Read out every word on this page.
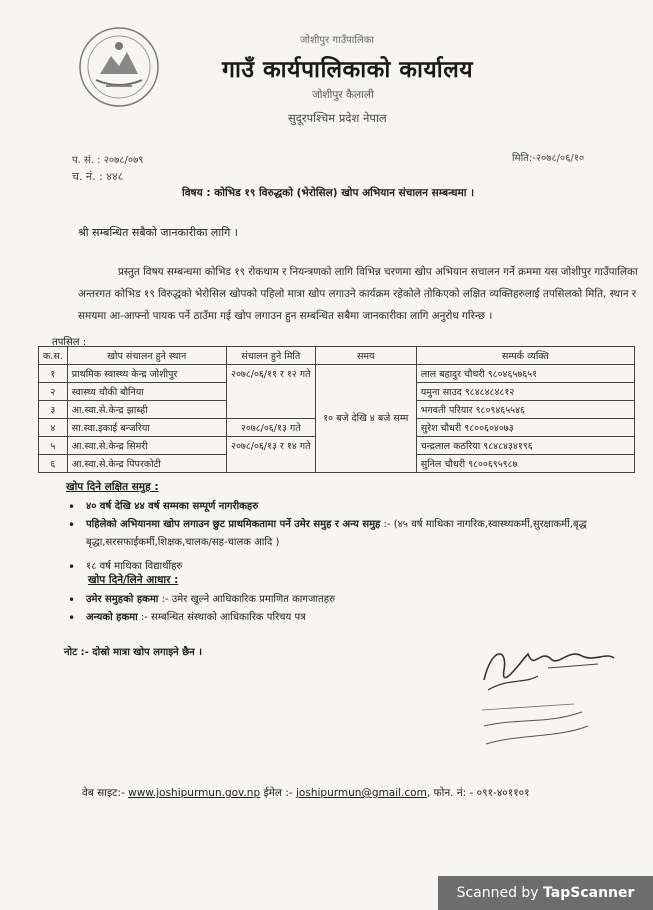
जोशीपुर गाउँपालिका
गाउँ कार्यपालिकाको कार्यालय
जोशीपुर कैलाली
सुदूरपश्चिम प्रदेश नेपाल
प. सं. : २०७८/०७९
च. नं. : ४४८
मिति:-२०७८/०६/१०
विषय : कोभिड १९ विरुद्धको (भेरोसिल) खोप अभियान संचालन सम्बन्धमा ।
श्री सम्बन्धित सबैको जानकारीका लागि ।
प्रस्तुत विषय सम्बन्धमा कोभिड १९ रोकथाम र नियन्त्रणको लागि विभिन्न चरणमा खोप अभियान सचालन गर्ने क्रममा यस जोशीपुर गाउँपालिका अन्तरगत कोभिड १९ विरुद्धको भेरोसिल खोपको पहिलो मात्रा खोप लगाउने कार्यक्रम रहेकोले तोकिएको लक्षित व्यक्तिहरुलाई तपसिलको मिति, स्थान र समयमा आ-आफ्नो पायक पर्ने ठाउँमा गई खोप लगाउन हुन सम्बन्धित सबैमा जानकारीका लागि अनुरोध गरिन्छ ।
तपसिल :
क.स.	खोप संचालन हुने स्थान	संचालन हुने मिति	समय	सम्पर्क व्यक्ति
१	प्राथमिक स्वास्थ्य केन्द्र जोशीपुर	२०७८/०६/११ र १२ गते	१० बजे देखि ४ बजे सम्म	लाल बहादुर चौधरी ९८०४६५७६५१
२	स्वास्थ्य चौकी बौनिया			यमुना साउद ९८४८४८४८१२
३	आ.स्वा.से.केन्द्र झाब्ही			भगवती परियार ९८०९४६५५४६
४	सा.स्वा.इकाई बन्जरिया	२०७८/०६/१३ गते		सुरेश चौधरी ९८००६०४०७३
५	आ.स्वा.से.केन्द्र सिमरी	२०७८/०६/१३ र १४ गते		चन्द्रलाल कठरिया ९८४८४३४१९६
६	आ.स्वा.से.केन्द्र पिपरकोटी			सुनिल चौधरी ९८००६९५९८७
खोप दिने लक्षित समुह :
• ४० वर्ष देखि ४४ वर्ष सम्मका सम्पूर्ण नागरीकहरु
• पहिलेको अभियानमा खोप लगाउन छुट प्राथमिकतामा पर्ने उमेर समुह र अन्य समुह :- (४५ वर्ष माथिका नागरिक,स्वास्थ्यकर्मी,सुरक्षाकर्मी,बृद्ध बृद्धा,सरसफाईकर्मी,शिक्षक,चालक/सह-चालक आदि )
• १८ वर्ष माथिका विद्यार्थीहरु
खोप दिने/लिने आधार :
• उमेर समुहको हकमा :- उमेर खुल्ने आधिकारिक प्रमाणित कागजातहरु
• अन्यको हकमा :- सम्बन्धित संस्थाको आधिकारिक परिचय पत्र
नोट :- दोस्रो मात्रा खोप लगाइने छैन ।
वेब साइट:- www.joshipurmun.gov.np ईमेल :- joshipurmun@gmail.com, फोन. नं: - ०९१-४०११०१
Scanned by TapScanner
